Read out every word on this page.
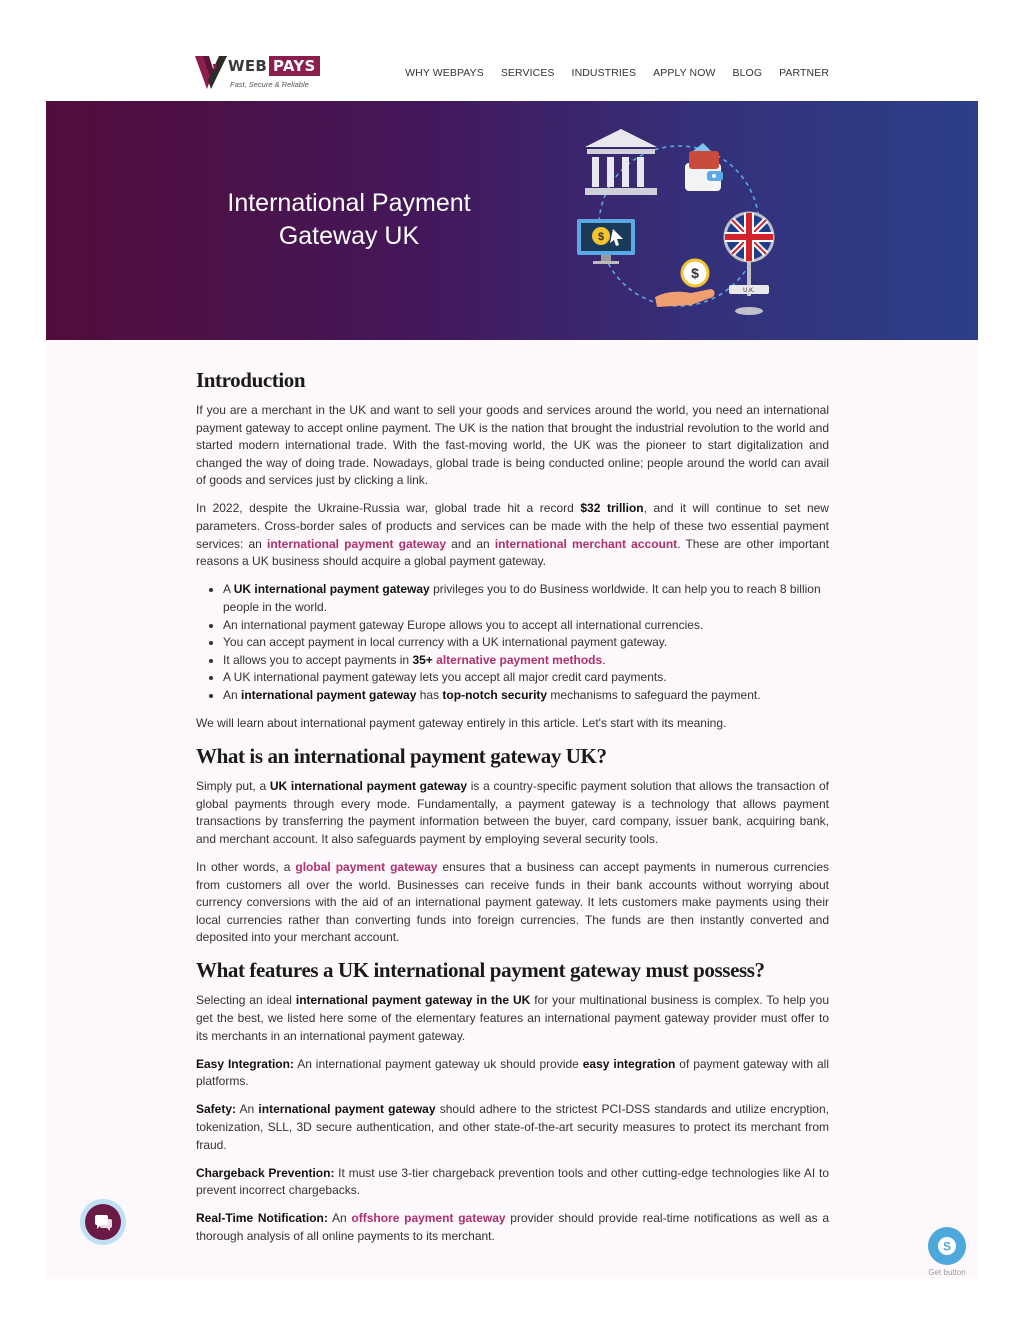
WEB PAYS
Fast, Secure & Reliable
WHY WEBPAYS SERVICES INDUSTRIES APPLY NOW BLOG PARTNER
International Payment
Gateway UK	$
$
U.K.
Introduction

If you are a merchant in the UK and want to sell your goods and services around the world, you need an international payment gateway to accept online payment. The UK is the nation that brought the industrial revolution to the world and started modern international trade. With the fast-moving world, the UK was the pioneer to start digitalization and changed the way of doing trade. Nowadays, global trade is being conducted online; people around the world can avail of goods and services just by clicking a link.

In 2022, despite the Ukraine-Russia war, global trade hit a record $32 trillion, and it will continue to set new parameters. Cross-border sales of products and services can be made with the help of these two essential payment services: an international payment gateway and an international merchant account. These are other important reasons a UK business should acquire a global payment gateway.

• A UK international payment gateway privileges you to do Business worldwide. It can help you to reach 8 billion people in the world.
• An international payment gateway Europe allows you to accept all international currencies.
• You can accept payment in local currency with a UK international payment gateway.
• It allows you to accept payments in 35+ alternative payment methods.
• A UK international payment gateway lets you accept all major credit card payments.
• An international payment gateway has top-notch security mechanisms to safeguard the payment.

We will learn about international payment gateway entirely in this article. Let's start with its meaning.

What is an international payment gateway UK?

Simply put, a UK international payment gateway is a country-specific payment solution that allows the transaction of global payments through every mode. Fundamentally, a payment gateway is a technology that allows payment transactions by transferring the payment information between the buyer, card company, issuer bank, acquiring bank, and merchant account. It also safeguards payment by employing several security tools.

In other words, a global payment gateway ensures that a business can accept payments in numerous currencies from customers all over the world. Businesses can receive funds in their bank accounts without worrying about currency conversions with the aid of an international payment gateway. It lets customers make payments using their local currencies rather than converting funds into foreign currencies. The funds are then instantly converted and deposited into your merchant account.

What features a UK international payment gateway must possess?

Selecting an ideal international payment gateway in the UK for your multinational business is complex. To help you get the best, we listed here some of the elementary features an international payment gateway provider must offer to its merchants in an international payment gateway.

Easy Integration: An international payment gateway uk should provide easy integration of payment gateway with all platforms.

Safety: An international payment gateway should adhere to the strictest PCI-DSS standards and utilize encryption, tokenization, SLL, 3D secure authentication, and other state-of-the-art security measures to protect its merchant from fraud.

Chargeback Prevention: It must use 3-tier chargeback prevention tools and other cutting-edge technologies like AI to prevent incorrect chargebacks.

Real-Time Notification: An offshore payment gateway provider should provide real-time notifications as well as a thorough analysis of all online payments to its merchant.

S
Get button
